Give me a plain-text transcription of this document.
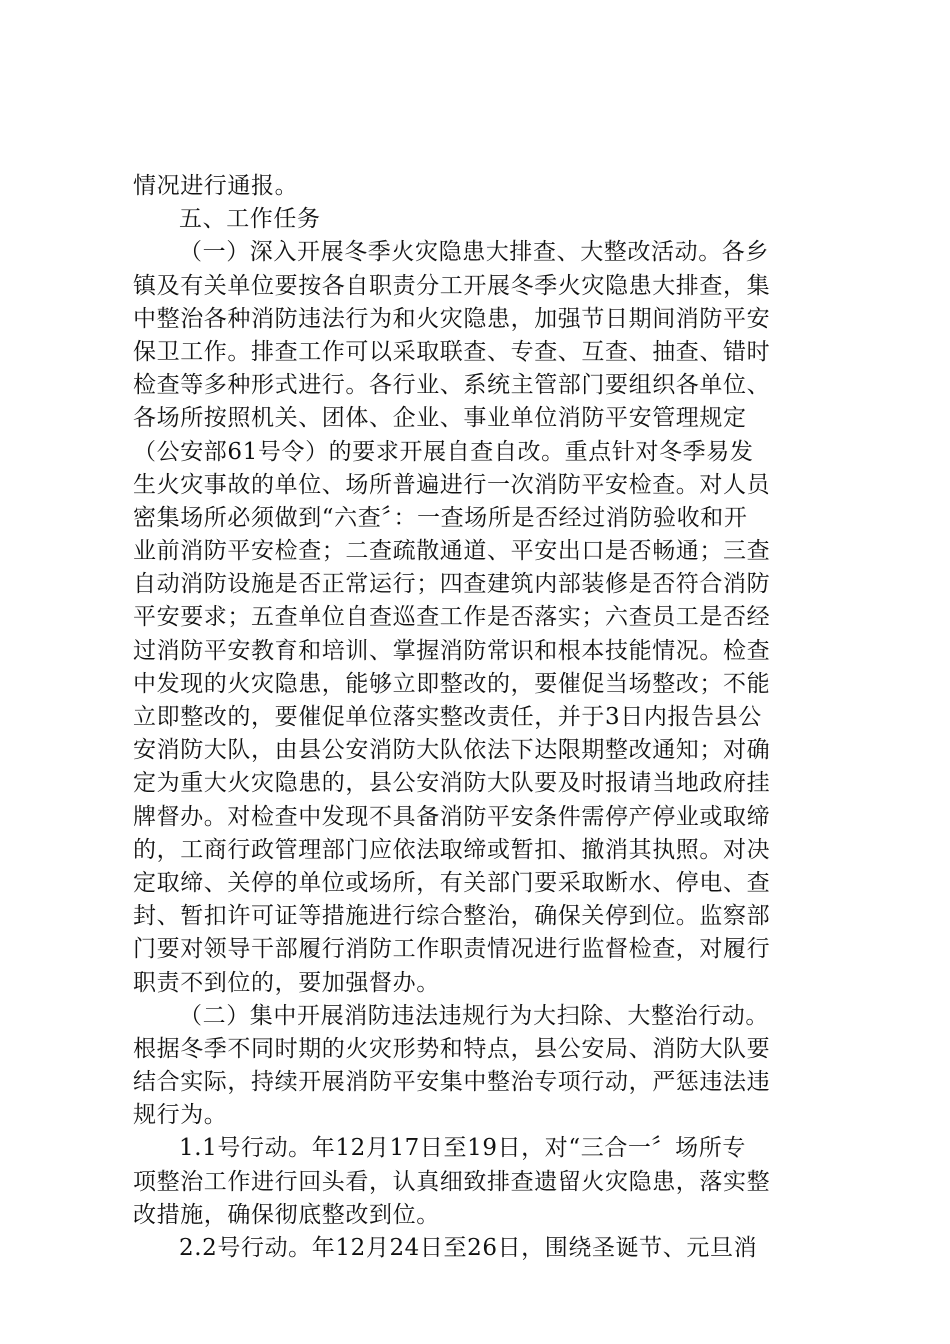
情况进行通报。
五、工作任务
（一）深入开展冬季火灾隐患大排查、大整改活动。各乡
镇及有关单位要按各自职责分工开展冬季火灾隐患大排查，集
中整治各种消防违法行为和火灾隐患，加强节日期间消防平安
保卫工作。排查工作可以采取联查、专查、互查、抽查、错时
检查等多种形式进行。各行业、系统主管部门要组织各单位、
各场所按照机关、团体、企业、事业单位消防平安管理规定
（公安部61号令）的要求开展自查自改。重点针对冬季易发
生火灾事故的单位、场所普遍进行一次消防平安检查。对人员
密集场所必须做到“六查〞：一查场所是否经过消防验收和开
业前消防平安检查；二查疏散通道、平安出口是否畅通；三查
自动消防设施是否正常运行；四查建筑内部装修是否符合消防
平安要求；五查单位自查巡查工作是否落实；六查员工是否经
过消防平安教育和培训、掌握消防常识和根本技能情况。检查
中发现的火灾隐患，能够立即整改的，要催促当场整改；不能
立即整改的，要催促单位落实整改责任，并于3日内报告县公
安消防大队，由县公安消防大队依法下达限期整改通知；对确
定为重大火灾隐患的，县公安消防大队要及时报请当地政府挂
牌督办。对检查中发现不具备消防平安条件需停产停业或取缔
的，工商行政管理部门应依法取缔或暂扣、撤消其执照。对决
定取缔、关停的单位或场所，有关部门要采取断水、停电、查
封、暂扣许可证等措施进行综合整治，确保关停到位。监察部
门要对领导干部履行消防工作职责情况进行监督检查，对履行
职责不到位的，要加强督办。
（二）集中开展消防违法违规行为大扫除、大整治行动。
根据冬季不同时期的火灾形势和特点，县公安局、消防大队要
结合实际，持续开展消防平安集中整治专项行动，严惩违法违
规行为。
1.1号行动。年12月17日至19日，对“三合一〞场所专
项整治工作进行回头看，认真细致排查遗留火灾隐患，落实整
改措施，确保彻底整改到位。
2.2号行动。年12月24日至26日，围绕圣诞节、元旦消
